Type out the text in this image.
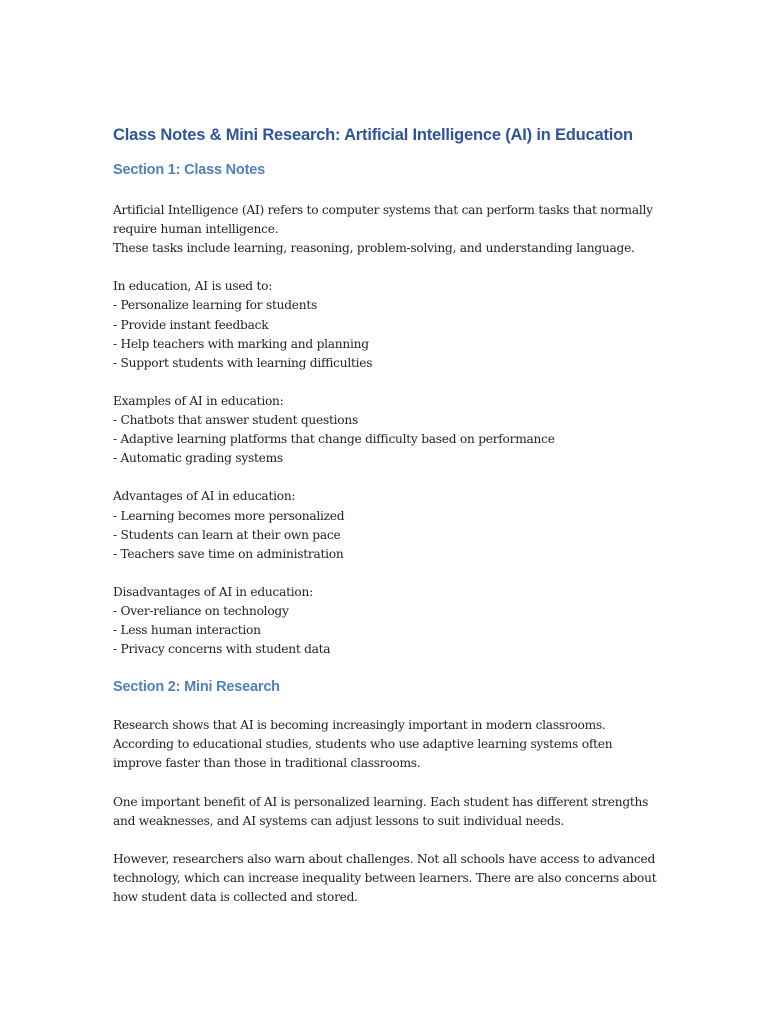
Class Notes & Mini Research: Artificial Intelligence (AI) in Education
Section 1: Class Notes
Artificial Intelligence (AI) refers to computer systems that can perform tasks that normally
require human intelligence.
These tasks include learning, reasoning, problem-solving, and understanding language.
In education, AI is used to:
- Personalize learning for students
- Provide instant feedback
- Help teachers with marking and planning
- Support students with learning difficulties
Examples of AI in education:
- Chatbots that answer student questions
- Adaptive learning platforms that change difficulty based on performance
- Automatic grading systems
Advantages of AI in education:
- Learning becomes more personalized
- Students can learn at their own pace
- Teachers save time on administration
Disadvantages of AI in education:
- Over-reliance on technology
- Less human interaction
- Privacy concerns with student data
Section 2: Mini Research
Research shows that AI is becoming increasingly important in modern classrooms.
According to educational studies, students who use adaptive learning systems often
improve faster than those in traditional classrooms.
One important benefit of AI is personalized learning. Each student has different strengths
and weaknesses, and AI systems can adjust lessons to suit individual needs.
However, researchers also warn about challenges. Not all schools have access to advanced
technology, which can increase inequality between learners. There are also concerns about
how student data is collected and stored.
